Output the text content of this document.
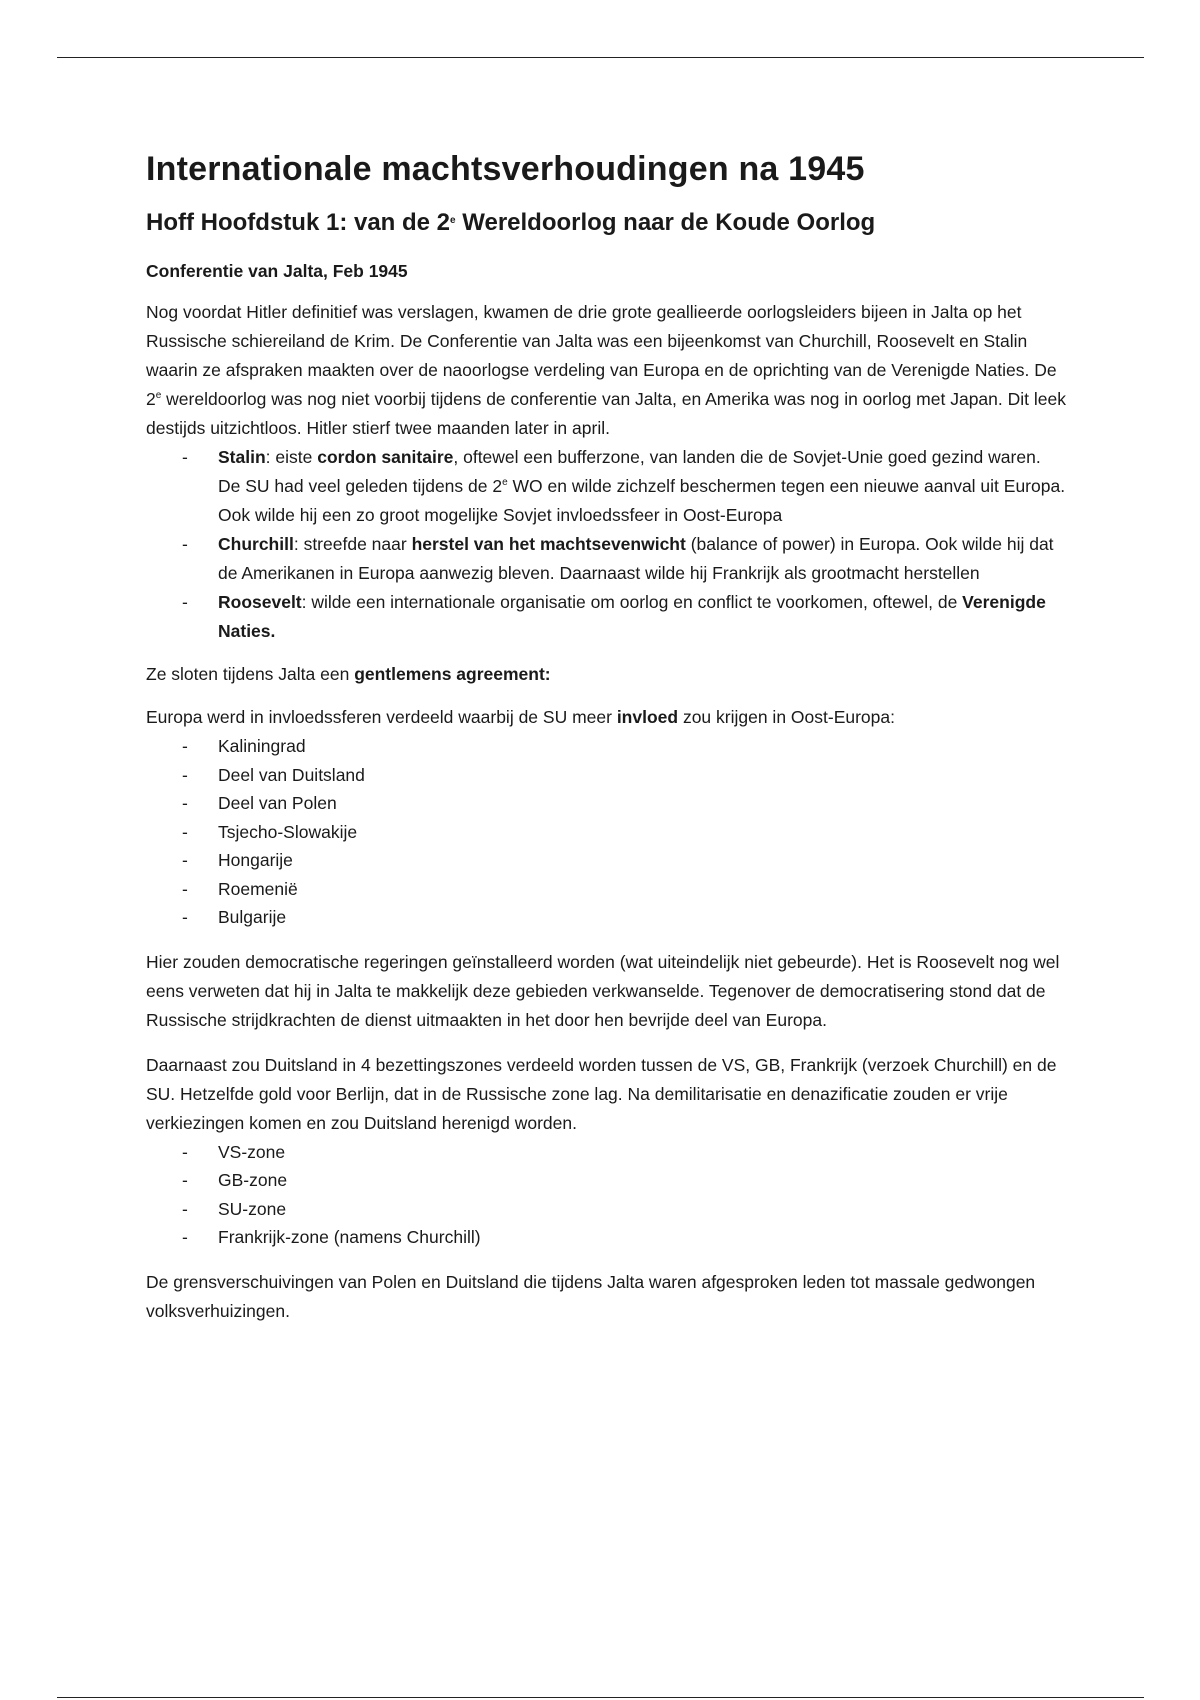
Internationale machtsverhoudingen na 1945
Hoff Hoofdstuk 1: van de 2e Wereldoorlog naar de Koude Oorlog
Conferentie van Jalta, Feb 1945

Nog voordat Hitler definitief was verslagen, kwamen de drie grote geallieerde oorlogsleiders bijeen in Jalta op het Russische schiereiland de Krim. De Conferentie van Jalta was een bijeenkomst van Churchill, Roosevelt en Stalin waarin ze afspraken maakten over de naoorlogse verdeling van Europa en de oprichting van de Verenigde Naties. De 2e wereldoorlog was nog niet voorbij tijdens de conferentie van Jalta, en Amerika was nog in oorlog met Japan. Dit leek destijds uitzichtloos. Hitler stierf twee maanden later in april.

- Stalin: eiste cordon sanitaire, oftewel een bufferzone, van landen die de Sovjet-Unie goed gezind waren. De SU had veel geleden tijdens de 2e WO en wilde zichzelf beschermen tegen een nieuwe aanval uit Europa. Ook wilde hij een zo groot mogelijke Sovjet invloedssfeer in Oost-Europa
- Churchill: streefde naar herstel van het machtsevenwicht (balance of power) in Europa. Ook wilde hij dat de Amerikanen in Europa aanwezig bleven. Daarnaast wilde hij Frankrijk als grootmacht herstellen
- Roosevelt: wilde een internationale organisatie om oorlog en conflict te voorkomen, oftewel, de Verenigde Naties.

Ze sloten tijdens Jalta een gentlemens agreement:

Europa werd in invloedssferen verdeeld waarbij de SU meer invloed zou krijgen in Oost-Europa:

- Kaliningrad
- Deel van Duitsland
- Deel van Polen
- Tsjecho-Slowakije
- Hongarije
- Roemenië
- Bulgarije

Hier zouden democratische regeringen geïnstalleerd worden (wat uiteindelijk niet gebeurde). Het is Roosevelt nog wel eens verweten dat hij in Jalta te makkelijk deze gebieden verkwanselde. Tegenover de democratisering stond dat de Russische strijdkrachten de dienst uitmaakten in het door hen bevrijde deel van Europa.

Daarnaast zou Duitsland in 4 bezettingszones verdeeld worden tussen de VS, GB, Frankrijk (verzoek Churchill) en de SU. Hetzelfde gold voor Berlijn, dat in de Russische zone lag. Na demilitarisatie en denazificatie zouden er vrije verkiezingen komen en zou Duitsland herenigd worden.

- VS-zone
- GB-zone
- SU-zone
- Frankrijk-zone (namens Churchill)

De grensverschuivingen van Polen en Duitsland die tijdens Jalta waren afgesproken leden tot massale gedwongen volksverhuizingen.
